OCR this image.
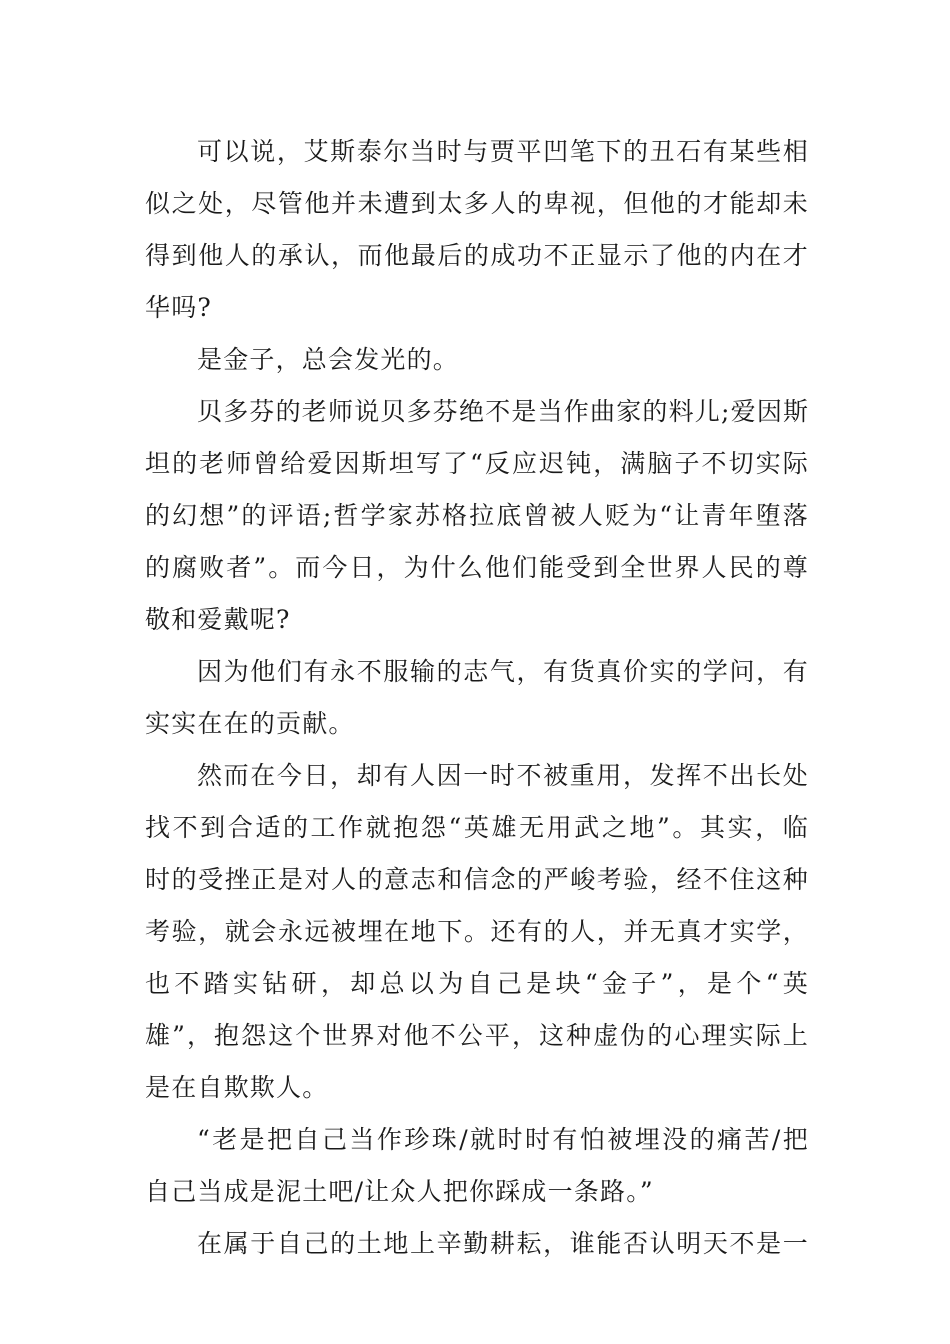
可以说，艾斯泰尔当时与贾平凹笔下的丑石有某些相
似之处，尽管他并未遭到太多人的卑视，但他的才能却未
得到他人的承认，而他最后的成功不正显示了他的内在才
华吗?
是金子，总会发光的。
贝多芬的老师说贝多芬绝不是当作曲家的料儿;爱因斯
坦的老师曾给爱因斯坦写了“反应迟钝，满脑子不切实际
的幻想”的评语;哲学家苏格拉底曾被人贬为“让青年堕落
的腐败者”。而今日，为什么他们能受到全世界人民的尊
敬和爱戴呢?
因为他们有永不服输的志气，有货真价实的学问，有
实实在在的贡献。
然而在今日，却有人因一时不被重用，发挥不出长处
找不到合适的工作就抱怨“英雄无用武之地”。其实，临
时的受挫正是对人的意志和信念的严峻考验，经不住这种
考验，就会永远被埋在地下。还有的人，并无真才实学，
也不踏实钻研，却总以为自己是块“金子”，是个“英
雄”，抱怨这个世界对他不公平，这种虚伪的心理实际上
是在自欺欺人。
“老是把自己当作珍珠/就时时有怕被埋没的痛苦/把
自己当成是泥土吧/让众人把你踩成一条路。”
在属于自己的土地上辛勤耕耘，谁能否认明天不是一
